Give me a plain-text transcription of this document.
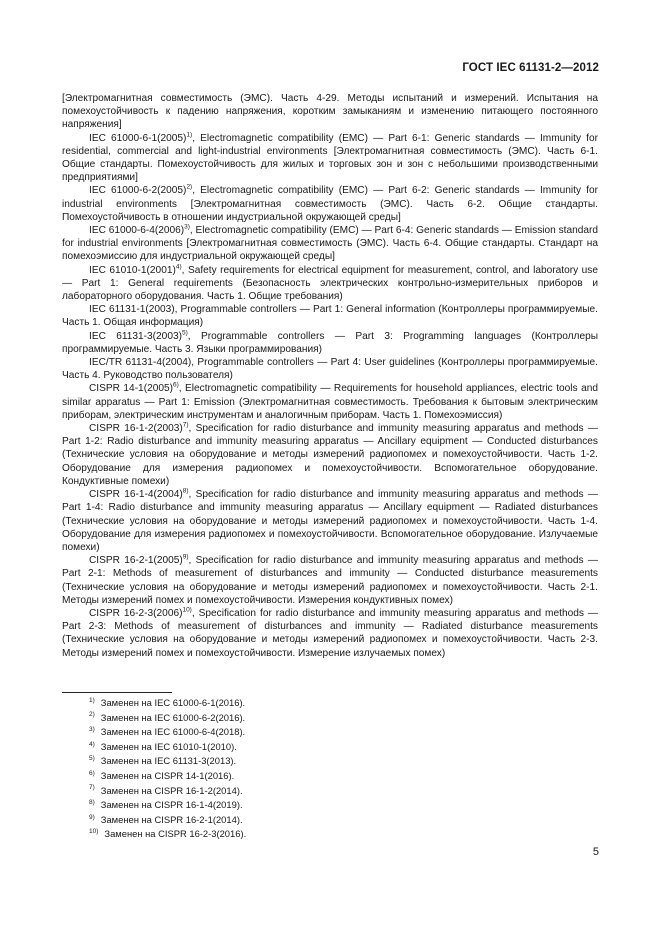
ГОСТ IEC 61131-2—2012

[Электромагнитная совместимость (ЭМС). Часть 4-29. Методы испытаний и измерений. Испытания на помехоустойчивость к падению напряжения, коротким замыканиям и изменению питающего постоянного напряжения]

IEC $61000-6-1(2005)^{1)}$, Electromagnetic compatibility (EMC) — Part 6-1: Generic standards — Immunity for residential, commercial and light-industrial environments [Электромагнитная совместимость (ЭМС). Часть 6-1. Общие стандарты. Помехоустойчивость для жилых и торговых зон и зон с небольшими производственными предприятиями]

IEC $61000-6-2(2005)^{2)}$, Electromagnetic compatibility (EMC) — Part 6-2: Generic standards — Immunity for industrial environments [Электромагнитная совместимость (ЭМС). Часть 6-2. Общие стандарты. Помехоустойчивость в отношении индустриальной окружающей среды]

IEC $61000-6-4(2006)^{3)}$, Electromagnetic compatibility (EMC) — Part 6-4: Generic standards — Emission standard for industrial environments [Электромагнитная совместимость (ЭМС). Часть 6-4. Общие стандарты. Стандарт на помехоэмиссию для индустриальной окружающей среды]

IEC $61010-1(2001)^{4)}$, Safety requirements for electrical equipment for measurement, control, and laboratory use — Part 1: General requirements (Безопасность электрических контрольно-измерительных приборов и лабораторного оборудования. Часть 1. Общие требования)

IEC 61131-1(2003), Programmable controllers — Part 1: General information (Контроллеры программируемые. Часть 1. Общая информация)

IEC $61131-3(2003)^{5)}$, Programmable controllers — Part 3: Programming languages (Контроллеры программируемые. Часть 3. Языки программирования)

IEC/TR 61131-4(2004), Programmable controllers — Part 4: User guidelines (Контроллеры программируемые. Часть 4. Руководство пользователя)

CISPR $14-1(2005)^{6)}$, Electromagnetic compatibility — Requirements for household appliances, electric tools and similar apparatus — Part 1: Emission (Электромагнитная совместимость. Требования к бытовым электрическим приборам, электрическим инструментам и аналогичным приборам. Часть 1. Помехоэмиссия)

CISPR $16-1-2(2003)^{7)}$, Specification for radio disturbance and immunity measuring apparatus and methods — Part 1-2: Radio disturbance and immunity measuring apparatus — Ancillary equipment — Conducted disturbances (Технические условия на оборудование и методы измерений радиопомех и помехоустойчивости. Часть 1-2. Оборудование для измерения радиопомех и помехоустойчивости. Вспомогательное оборудование. Кондуктивные помехи)

CISPR $16-1-4(2004)^{8)}$, Specification for radio disturbance and immunity measuring apparatus and methods — Part 1-4: Radio disturbance and immunity measuring apparatus — Ancillary equipment — Radiated disturbances (Технические условия на оборудование и методы измерений радиопомех и помехоустойчивости. Часть 1-4. Оборудование для измерения радиопомех и помехоустойчивости. Вспомогательное оборудование. Излучаемые помехи)

CISPR $16-2-1(2005)^{9)}$, Specification for radio disturbance and immunity measuring apparatus and methods — Part 2-1: Methods of measurement of disturbances and immunity — Conducted disturbance measurements (Технические условия на оборудование и методы измерений радиопомех и помехоустойчивости. Часть 2-1. Методы измерений помех и помехоустойчивости. Измерения кондуктивных помех)

CISPR $16-2-3(2006)^{10)}$, Specification for radio disturbance and immunity measuring apparatus and methods — Part 2-3: Methods of measurement of disturbances and immunity — Radiated disturbance measurements (Технические условия на оборудование и методы измерений радиопомех и помехоустойчивости. Часть 2-3. Методы измерений помех и помехоустойчивости. Измерение излучаемых помех)

$^{1)}$ Заменен на IEC 61000-6-1(2016).

$^{2)}$ Заменен на IEC 61000-6-2(2016).

$^{3)}$ Заменен на IEC 61000-6-4(2018).

$^{4)}$ Заменен на IEC 61010-1(2010).

$^{5)}$ Заменен на IEC 61131-3(2013).

$^{6)}$ Заменен на CISPR 14-1(2016).

$^{7)}$ Заменен на CISPR 16-1-2(2014).

$^{8)}$ Заменен на CISPR 16-1-4(2019).

$^{9)}$ Заменен на CISPR 16-2-1(2014).

$^{10)}$ Заменен на CISPR 16-2-3(2016).

5
